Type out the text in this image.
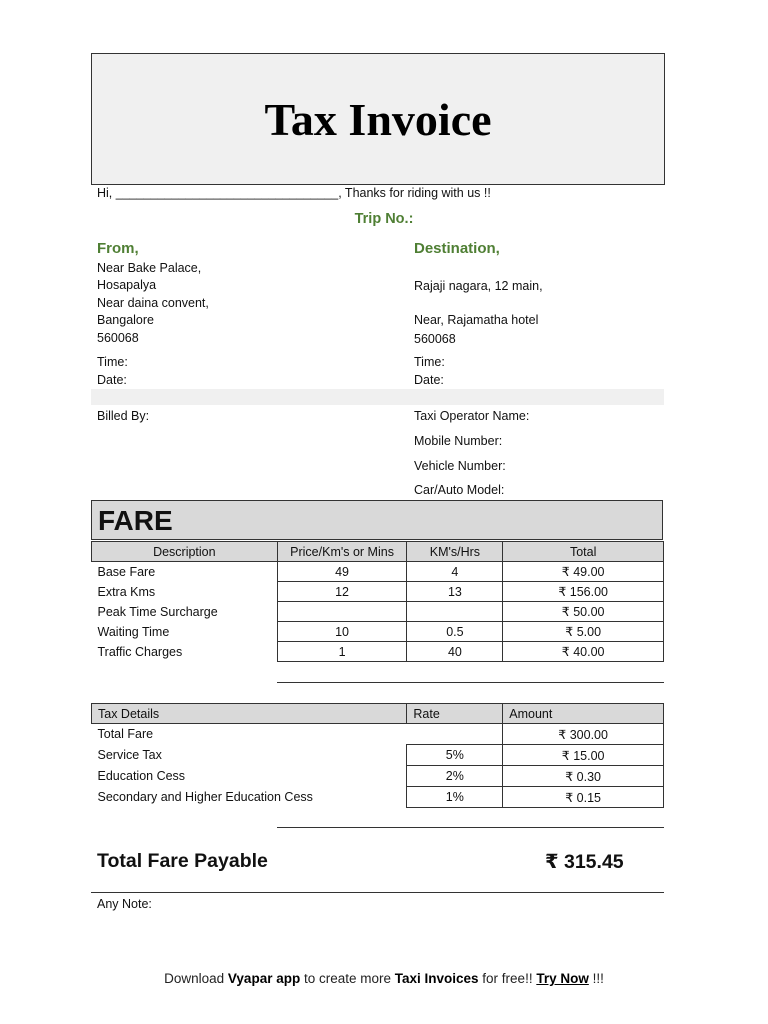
Tax Invoice
Hi, ________________________________, Thanks for riding with us !!
Trip No.:
From,
Near Bake Palace,
Hosapalya
Near daina convent,
Bangalore
560068
Time:
Date:
Destination,
Rajaji nagara, 12 main,
Near, Rajamatha hotel
560068
Time:
Date:
Billed By:	Taxi Operator Name:
Mobile Number:
Vehicle Number:
Car/Auto Model:
FARE
Description	Price/Km's or Mins	KM's/Hrs	Total
Base Fare	49	4	₹ 49.00
Extra Kms	12	13	₹ 156.00
Peak Time Surcharge			₹ 50.00
Waiting Time	10	0.5	₹ 5.00
Traffic Charges	1	40	₹ 40.00
Tax Details	Rate	Amount
Total Fare		₹ 300.00
Service Tax	5%	₹ 15.00
Education Cess	2%	₹ 0.30
Secondary and Higher Education Cess	1%	₹ 0.15
Total Fare Payable	₹ 315.45
Any Note:
Download Vyapar app to create more Taxi Invoices for free!! Try Now !!!
